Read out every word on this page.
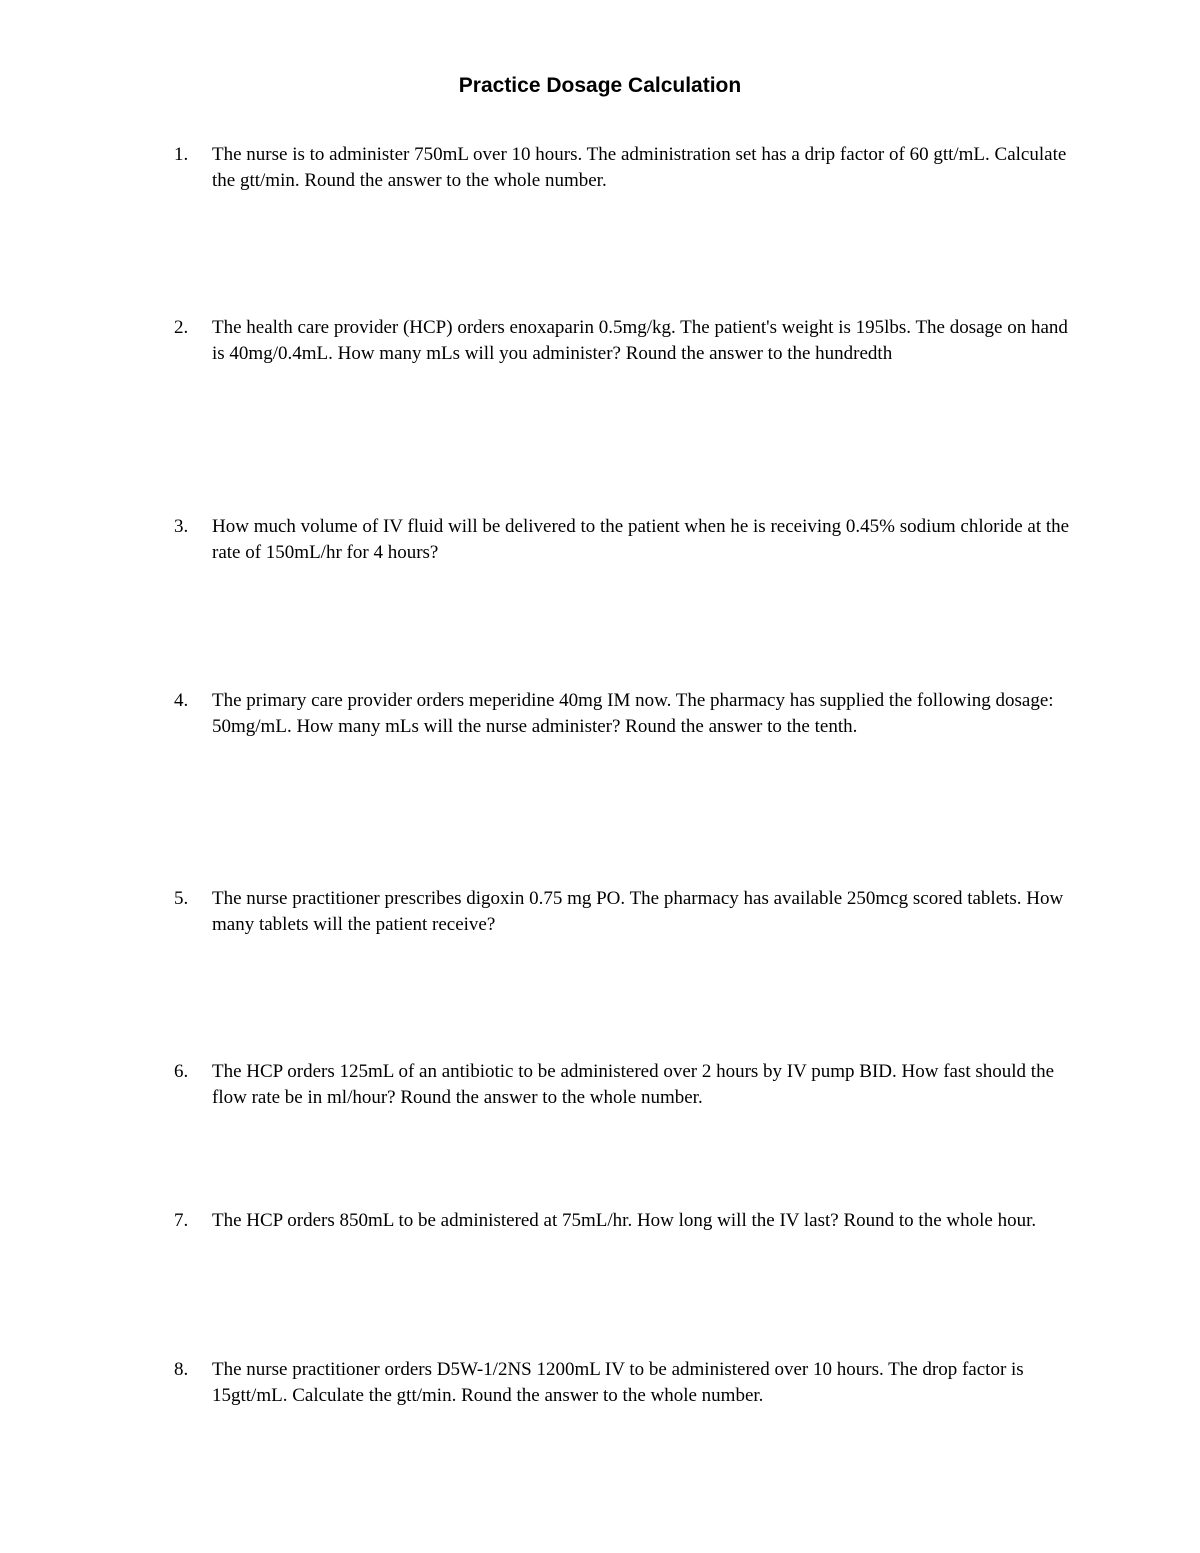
Practice Dosage Calculation
1.	The nurse is to administer 750mL over 10 hours. The administration set has a drip factor of 60 gtt/mL. Calculate the gtt/min. Round the answer to the whole number.
2.	The health care provider (HCP) orders enoxaparin 0.5mg/kg. The patient's weight is 195lbs. The dosage on hand is 40mg/0.4mL. How many mLs will you administer? Round the answer to the hundredth
3.	How much volume of IV fluid will be delivered to the patient when he is receiving 0.45% sodium chloride at the rate of 150mL/hr for 4 hours?
4.	The primary care provider orders meperidine 40mg IM now. The pharmacy has supplied the following dosage: 50mg/mL. How many mLs will the nurse administer? Round the answer to the tenth.
5.	The nurse practitioner prescribes digoxin 0.75 mg PO. The pharmacy has available 250mcg scored tablets. How many tablets will the patient receive?
6.	The HCP orders 125mL of an antibiotic to be administered over 2 hours by IV pump BID. How fast should the flow rate be in ml/hour? Round the answer to the whole number.
7.	The HCP orders 850mL to be administered at 75mL/hr. How long will the IV last? Round to the whole hour.
8.	The nurse practitioner orders D5W-1/2NS 1200mL IV to be administered over 10 hours. The drop factor is 15gtt/mL. Calculate the gtt/min. Round the answer to the whole number.
